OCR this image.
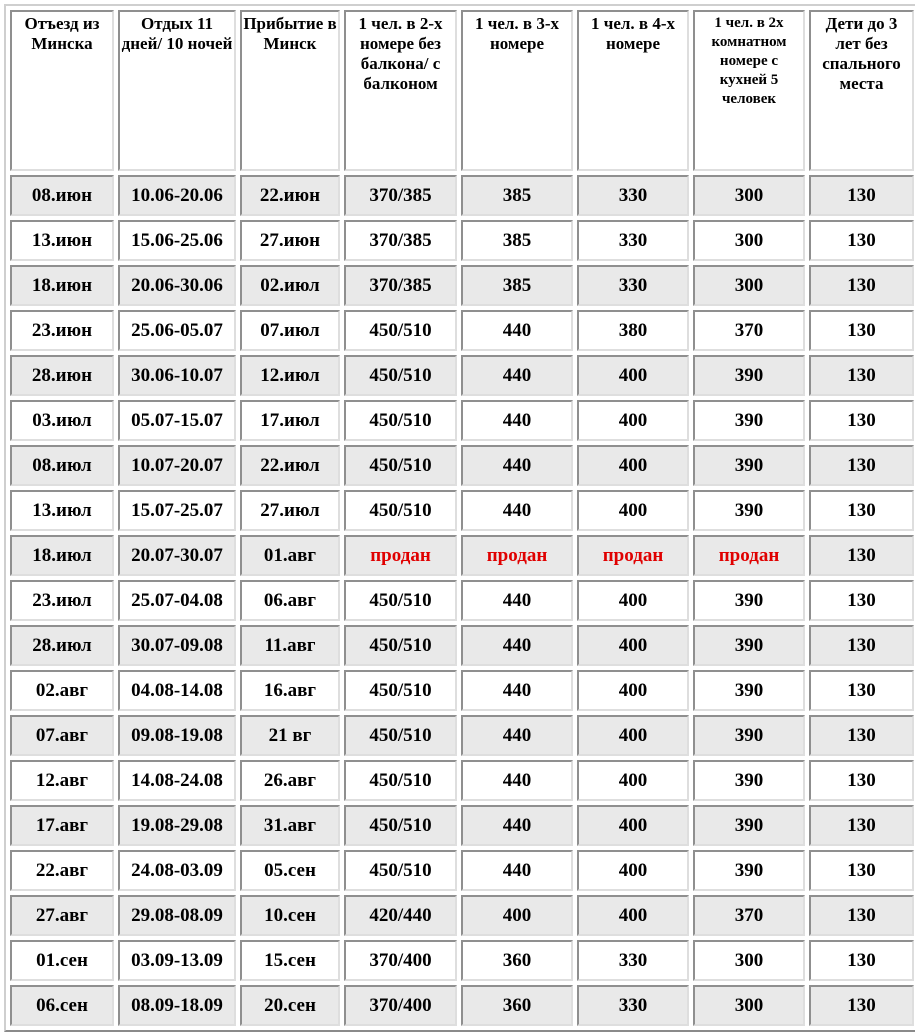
Отъезд из Минска	Отдых 11 дней/ 10 ночей	Прибытие в Минск	1 чел. в 2-х номере без балкона/ с балконом	1 чел. в 3-х номере	1 чел. в 4-х номере	1 чел. в 2х комнатном номере с кухней 5 человек	Дети до 3 лет без спального места
08.июн	10.06-20.06	22.июн	370/385	385	330	300	130
13.июн	15.06-25.06	27.июн	370/385	385	330	300	130
18.июн	20.06-30.06	02.июл	370/385	385	330	300	130
23.июн	25.06-05.07	07.июл	450/510	440	380	370	130
28.июн	30.06-10.07	12.июл	450/510	440	400	390	130
03.июл	05.07-15.07	17.июл	450/510	440	400	390	130
08.июл	10.07-20.07	22.июл	450/510	440	400	390	130
13.июл	15.07-25.07	27.июл	450/510	440	400	390	130
18.июл	20.07-30.07	01.авг	продан	продан	продан	продан	130
23.июл	25.07-04.08	06.авг	450/510	440	400	390	130
28.июл	30.07-09.08	11.авг	450/510	440	400	390	130
02.авг	04.08-14.08	16.авг	450/510	440	400	390	130
07.авг	09.08-19.08	21 вг	450/510	440	400	390	130
12.авг	14.08-24.08	26.авг	450/510	440	400	390	130
17.авг	19.08-29.08	31.авг	450/510	440	400	390	130
22.авг	24.08-03.09	05.сен	450/510	440	400	390	130
27.авг	29.08-08.09	10.сен	420/440	400	400	370	130
01.сен	03.09-13.09	15.сен	370/400	360	330	300	130
06.сен	08.09-18.09	20.сен	370/400	360	330	300	130
